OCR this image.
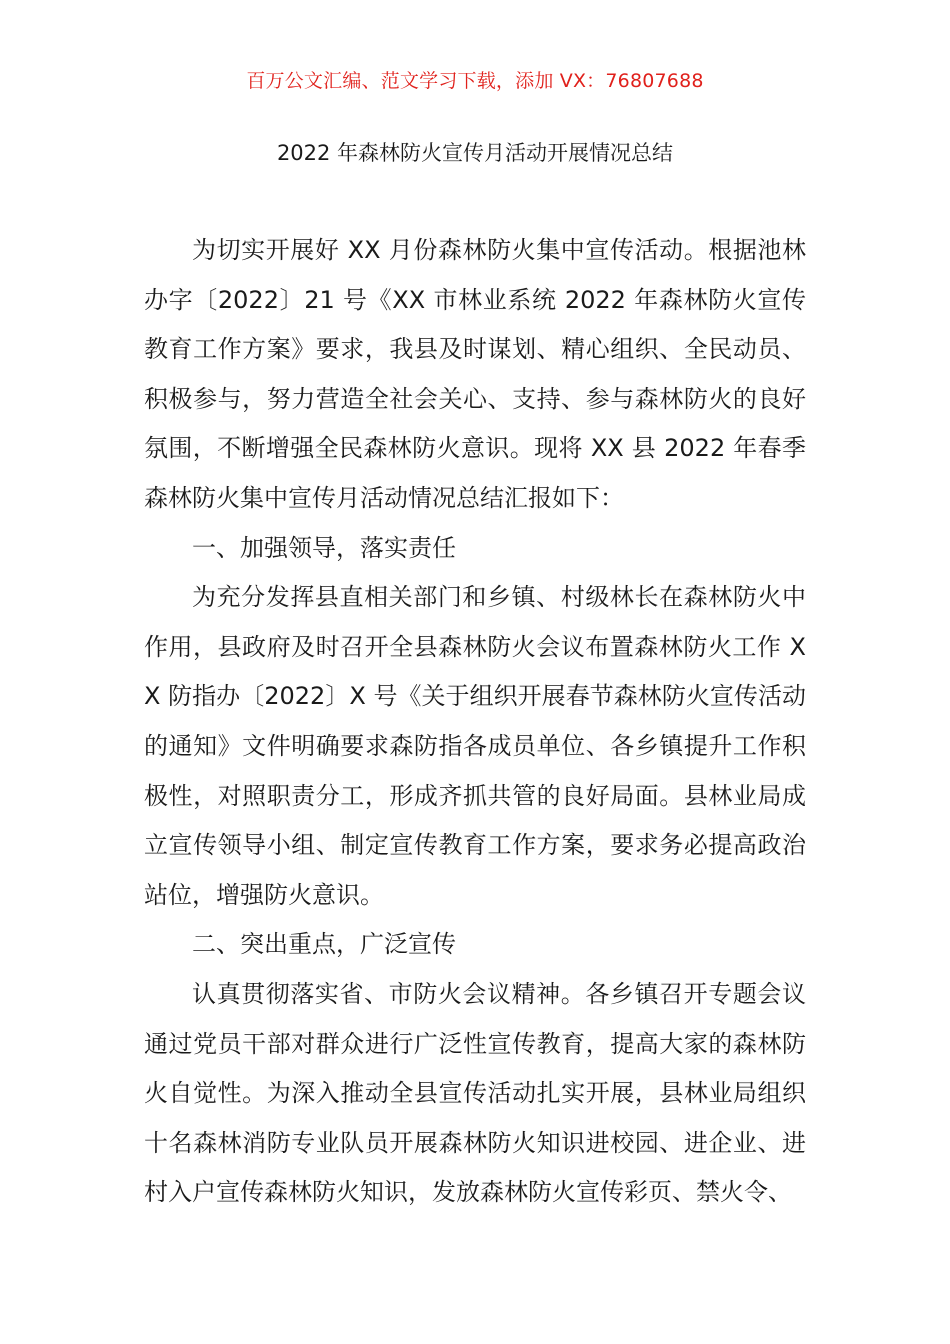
百万公文汇编、范文学习下载，添加 VX：76807688
2022 年森林防火宣传月活动开展情况总结

为切实开展好 XX 月份森林防火集中宣传活动。根据池林办字〔2022〕21 号《XX 市林业系统 2022 年森林防火宣传教育工作方案》要求，我县及时谋划、精心组织、全民动员、积极参与，努力营造全社会关心、支持、参与森林防火的良好氛围，不断增强全民森林防火意识。现将 XX 县 2022 年春季森林防火集中宣传月活动情况总结汇报如下：

一、加强领导，落实责任

为充分发挥县直相关部门和乡镇、村级林长在森林防火中作用，县政府及时召开全县森林防火会议布置森林防火工作 XX 防指办〔2022〕X 号《关于组织开展春节森林防火宣传活动的通知》文件明确要求森防指各成员单位、各乡镇提升工作积极性，对照职责分工，形成齐抓共管的良好局面。县林业局成立宣传领导小组、制定宣传教育工作方案，要求务必提高政治站位，增强防火意识。

二、突出重点，广泛宣传

认真贯彻落实省、市防火会议精神。各乡镇召开专题会议通过党员干部对群众进行广泛性宣传教育，提高大家的森林防火自觉性。为深入推动全县宣传活动扎实开展，县林业局组织十名森林消防专业队员开展森林防火知识进校园、进企业、进村入户宣传森林防火知识，发放森林防火宣传彩页、禁火令、
